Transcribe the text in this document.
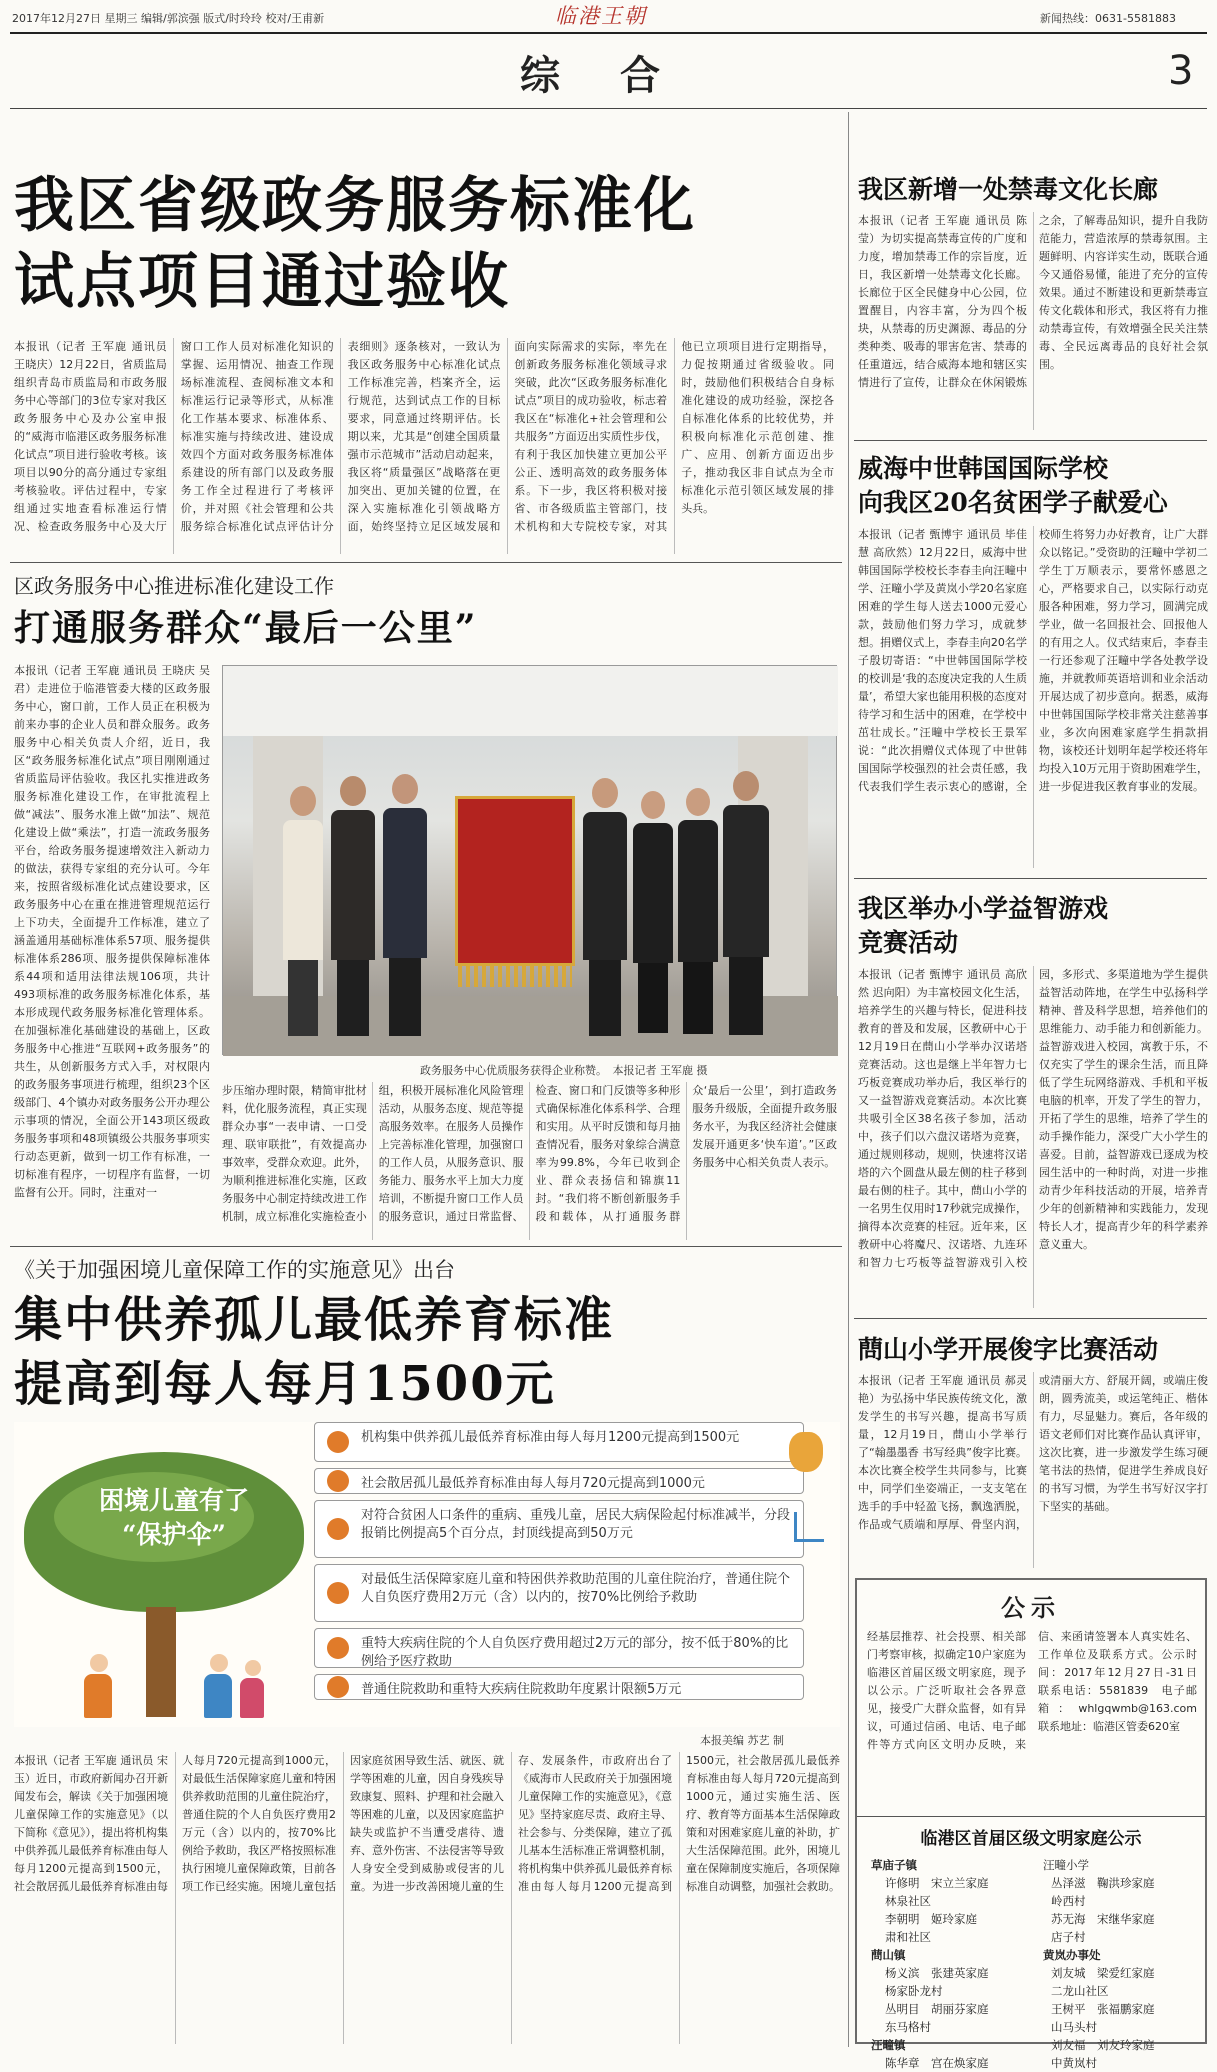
2017年12月27日 星期三 编辑/郭滨强 版式/时玲玲 校对/王甫新	临港王朝	新闻热线：0631-5581883
综　合	3
我区省级政务服务标准化
试点项目通过验收
本报讯（记者 王军鹿 通讯员 王晓庆）12月22日，省质监局组织青岛市质监局和市政务服务中心等部门的3位专家对我区政务服务中心及办公室申报的“威海市临港区政务服务标准化试点”项目进行验收考核。该项目以90分的高分通过专家组考核验收。评估过程中，专家组通过实地查看标准运行情况、检查政务服务中心及大厅窗口工作人员对标准化知识的掌握、运用情况、抽查工作现场标准流程、查阅标准文本和标准运行记录等形式，从标准化工作基本要求、标准体系、标准实施与持续改进、建设成效四个方面对政务服务标准体系建设的所有部门以及政务服务工作全过程进行了考核评价，并对照《社会管理和公共服务综合标准化试点评估计分表细则》逐条核对，一致认为我区政务服务中心标准化试点工作标准完善，档案齐全，运行规范，达到试点工作的目标要求，同意通过终期评估。长期以来，尤其是“创建全国质量强市示范城市”活动启动起来，我区将“质量强区”战略落在更加突出、更加关键的位置，在深入实施标准化引领战略方面，始终坚持立足区域发展和面向实际需求的实际，率先在创新政务服务标准化领域寻求突破，此次“区政务服务标准化试点”项目的成功验收，标志着我区在“标准化+社会管理和公共服务”方面迈出实质性步伐，有利于我区加快建立更加公平公正、透明高效的政务服务体系。下一步，我区将积极对接省、市各级质监主管部门，技术机构和大专院校专家，对其他已立项项目进行定期指导，力促按期通过省级验收。同时，鼓励他们积极结合自身标准化建设的成功经验，深挖各自标准化体系的比较优势，并积极向标准化示范创建、推广、应用、创新方面迈出步子，推动我区非自试点为全市标准化示范引领区域发展的排头兵。
区政务服务中心推进标准化建设工作
打通服务群众“最后一公里”
本报讯（记者 王军鹿 通讯员 王晓庆 吴君）走进位于临港管委大楼的区政务服务中心，窗口前，工作人员正在积极为前来办事的企业人员和群众服务。政务服务中心相关负责人介绍，近日，我区“政务服务标准化试点”项目刚刚通过省质监局评估验收。我区扎实推进政务服务标准化建设工作，在审批流程上做“减法”、服务水准上做“加法”、规范化建设上做“乘法”，打造一流政务服务平台，给政务服务提速增效注入新动力的做法，获得专家组的充分认可。今年来，按照省级标准化试点建设要求，区政务服务中心在重在推进管理规范运行上下功夫，全面提升工作标准，建立了涵盖通用基础标准体系57项、服务提供标准体系286项、服务提供保障标准体系44项和适用法律法规106项，共计493项标准的政务服务标准化体系，基本形成现代政务服务标准化管理体系。在加强标准化基础建设的基础上，区政务服务中心推进“互联网+政务服务”的共生，从创新服务方式入手，对权限内的政务服务事项进行梳理，组织23个区级部门、4个镇办对政务服务公开办理公示事项的情况，全面公开143项区级政务服务事项和48项镇级公共服务事项实行动态更新，做到一切工作有标准，一切标准有程序，一切程序有监督，一切监督有公开。同时，注重对一
政务服务中心优质服务获得企业称赞。　本报记者 王军鹿 摄
步压缩办理时限，精简审批材料，优化服务流程，真正实现群众办事“一表申请、一口受理、联审联批”，有效提高办事效率，受群众欢迎。此外，为顺利推进标准化实施，区政务服务中心制定持续改进工作机制，成立标准化实施检查小组，积极开展标准化风险管理活动，从服务态度、规范等提高服务效率。在服务人员操作上完善标准化管理，加强窗口的工作人员，从服务意识、服务能力、服务水平上加大力度培训，不断提升窗口工作人员的服务意识，通过日常监督、检查、窗口和门反馈等多种形式确保标准化体系科学、合理和实用。从平时反馈和每月抽查情况看，服务对象综合满意率为99.8%，今年已收到企业、群众表扬信和锦旗11封。“我们将不断创新服务手段和载体，从打通服务群众‘最后一公里’，到打造政务服务升级版，全面提升政务服务水平，为我区经济社会健康发展开通更多‘快车道’。”区政务服务中心相关负责人表示。
《关于加强困境儿童保障工作的实施意见》出台
集中供养孤儿最低养育标准
提高到每人每月1500元
困境儿童有了
“保护伞”
机构集中供养孤儿最低养育标准由每人每月1200元提高到1500元
社会散居孤儿最低养育标准由每人每月720元提高到1000元
对符合贫困人口条件的重病、重残儿童，居民大病保险起付标准减半，分段报销比例提高5个百分点，封顶线提高到50万元
对最低生活保障家庭儿童和特困供养救助范围的儿童住院治疗，普通住院个人自负医疗费用2万元（含）以内的，按70%比例给予救助
重特大疾病住院的个人自负医疗费用超过2万元的部分，按不低于80%的比例给予医疗救助
普通住院救助和重特大疾病住院救助年度累计限额5万元
本报美编 苏艺 制
本报讯（记者 王军鹿 通讯员 宋玉）近日，市政府新闻办召开新闻发布会，解读《关于加强困境儿童保障工作的实施意见》（以下简称《意见》），提出将机构集中供养孤儿最低养育标准由每人每月1200元提高到1500元，社会散居孤儿最低养育标准由每人每月720元提高到1000元，对最低生活保障家庭儿童和特困供养救助范围的儿童住院治疗，普通住院的个人自负医疗费用2万元（含）以内的，按70%比例给予救助，我区严格按照标准执行困境儿童保障政策，目前各项工作已经实施。困境儿童包括因家庭贫困导致生活、就医、就学等困难的儿童，因自身残疾导致康复、照料、护理和社会融入等困难的儿童，以及因家庭监护缺失或监护不当遭受虐待、遗弃、意外伤害、不法侵害等导致人身安全受到威胁或侵害的儿童。为进一步改善困境儿童的生存、发展条件，市政府出台了《威海市人民政府关于加强困境儿童保障工作的实施意见》，《意见》坚持家庭尽责、政府主导、社会参与、分类保障，建立了孤儿基本生活标准正常调整机制，将机构集中供养孤儿最低养育标准由每人每月1200元提高到1500元，社会散居孤儿最低养育标准由每人每月720元提高到1000元，通过实施生活、医疗、教育等方面基本生活保障政策和对困难家庭儿童的补助，扩大生活保障范围。此外，困境儿童在保障制度实施后，各项保障标准自动调整，加强社会救助。
我区新增一处禁毒文化长廊
本报讯（记者 王军鹿 通讯员 陈莹）为切实提高禁毒宣传的广度和力度，增加禁毒工作的宗旨度，近日，我区新增一处禁毒文化长廊。长廊位于区全民健身中心公园，位置醒目，内容丰富，分为四个板块，从禁毒的历史渊源、毒品的分类种类、吸毒的罪害危害、禁毒的任重道远，结合威海本地和辖区实情进行了宣传，让群众在休闲锻炼之余，了解毒品知识，提升自我防范能力，营造浓厚的禁毒氛围。主题鲜明、内容详实生动，既联合通今又通俗易懂，能进了充分的宣传效果。通过不断建设和更新禁毒宣传文化载体和形式，我区将有力推动禁毒宣传，有效增强全民关注禁毒、全民远离毒品的良好社会氛围。
威海中世韩国国际学校
向我区20名贫困学子献爱心
本报讯（记者 甄博宇 通讯员 毕佳慧 高欣然）12月22日，威海中世韩国国际学校校长李春圭向汪疃中学、汪疃小学及黄岚小学20名家庭困难的学生每人送去1000元爱心款，鼓励他们努力学习，成就梦想。捐赠仪式上，李春圭向20名学子殷切寄语：“中世韩国国际学校的校训是‘我的态度决定我的人生质量’，希望大家也能用积极的态度对待学习和生活中的困难，在学校中茁壮成长。”汪疃中学校长王景军说：“此次捐赠仪式体现了中世韩国国际学校强烈的社会责任感，我代表我们学生表示衷心的感谢，全校师生将努力办好教育，让广大群众以铭记。”受资助的汪疃中学初二学生丁万顺表示，要常怀感恩之心，严格要求自己，以实际行动克服各种困难，努力学习，圆满完成学业，做一名回报社会、回报他人的有用之人。仪式结束后，李春圭一行还参观了汪疃中学各处教学设施，并就教师英语培训和业余活动开展达成了初步意向。据悉，威海中世韩国国际学校非常关注慈善事业，多次向困难家庭学生捐款捐物，该校还计划明年起学校还将年均投入10万元用于资助困难学生，进一步促进我区教育事业的发展。
我区举办小学益智游戏
竞赛活动
本报讯（记者 甄博宇 通讯员 高欣然 迟向阳）为丰富校园文化生活，培养学生的兴趣与特长，促进科技教育的普及和发展，区教研中心于12月19日在蔄山小学举办汉诺塔竞赛活动。这也是继上半年智力七巧板竞赛成功举办后，我区举行的又一益智游戏竞赛活动。本次比赛共吸引全区38名孩子参加，活动中，孩子们以六盘汉诺塔为竞赛，通过规则移动，规则，快速将汉诺塔的六个圆盘从最左侧的柱子移到最右侧的柱子。其中，蔄山小学的一名男生仅用时17秒就完成操作，摘得本次竞赛的桂冠。近年来，区教研中心将魔尺、汉诺塔、九连环和智力七巧板等益智游戏引入校园，多形式、多渠道地为学生提供益智活动阵地，在学生中弘扬科学精神、普及科学思想，培养他们的思维能力、动手能力和创新能力。益智游戏进入校园，寓教于乐，不仅充实了学生的课余生活，而且降低了学生玩网络游戏、手机和平板电脑的机率，开发了学生的智力，开拓了学生的思维，培养了学生的动手操作能力，深受广大小学生的喜爱。目前，益智游戏已逐成为校园生活中的一种时尚，对进一步推动青少年科技活动的开展，培养青少年的创新精神和实践能力，发现特长人才，提高青少年的科学素养意义重大。
蔄山小学开展俊字比赛活动
本报讯（记者 王军鹿 通讯员 郝灵艳）为弘扬中华民族传统文化，激发学生的书写兴趣，提高书写质量，12月19日，蔄山小学举行了“翰墨墨香 书写经典”俊字比赛。本次比赛全校学生共同参与，比赛中，同学们坐姿端正，一支支笔在选手的手中轻盈飞扬，飘逸洒脱，作品或气质端和厚厚、骨坚内润，或清丽大方、舒展开阔，或端庄俊朗，圆秀流美，或运笔纯正、楷体有力，尽显魅力。赛后，各年级的语文老师们对比赛作品认真评审，这次比赛，进一步激发学生练习硬笔书法的热情，促进学生养成良好的书写习惯，为学生书写好汉字打下坚实的基础。
公示
经基层推荐、社会投票、相关部门考察审核，拟确定10户家庭为临港区首届区级文明家庭，现予以公示。广泛听取社会各界意见，接受广大群众监督，如有异议，可通过信函、电话、电子邮件等方式向区文明办反映，来信、来函请签署本人真实姓名、工作单位及联系方式。公示时间：2017年12月27日-31日　联系电话：5581839　电子邮箱：whlgqwmb@163.com　联系地址：临港区管委620室
临港区首届区级文明家庭公示
草庙子镇
许修明　宋立兰家庭
林泉社区
李朝明　姬玲家庭
肃和社区
蔄山镇
杨义滨　张建英家庭
杨家卧龙村
丛明目　胡丽芬家庭
东马格村
汪疃镇
陈华章　宫在焕家庭
汪疃小学
丛泽滋　鞠洪珍家庭
岭西村
苏无海　宋继华家庭
店子村
黄岚办事处
刘友城　梁爱红家庭
二龙山社区
王树平　张福鹏家庭
山马头村
刘友福　刘友玲家庭
中黄岚村
